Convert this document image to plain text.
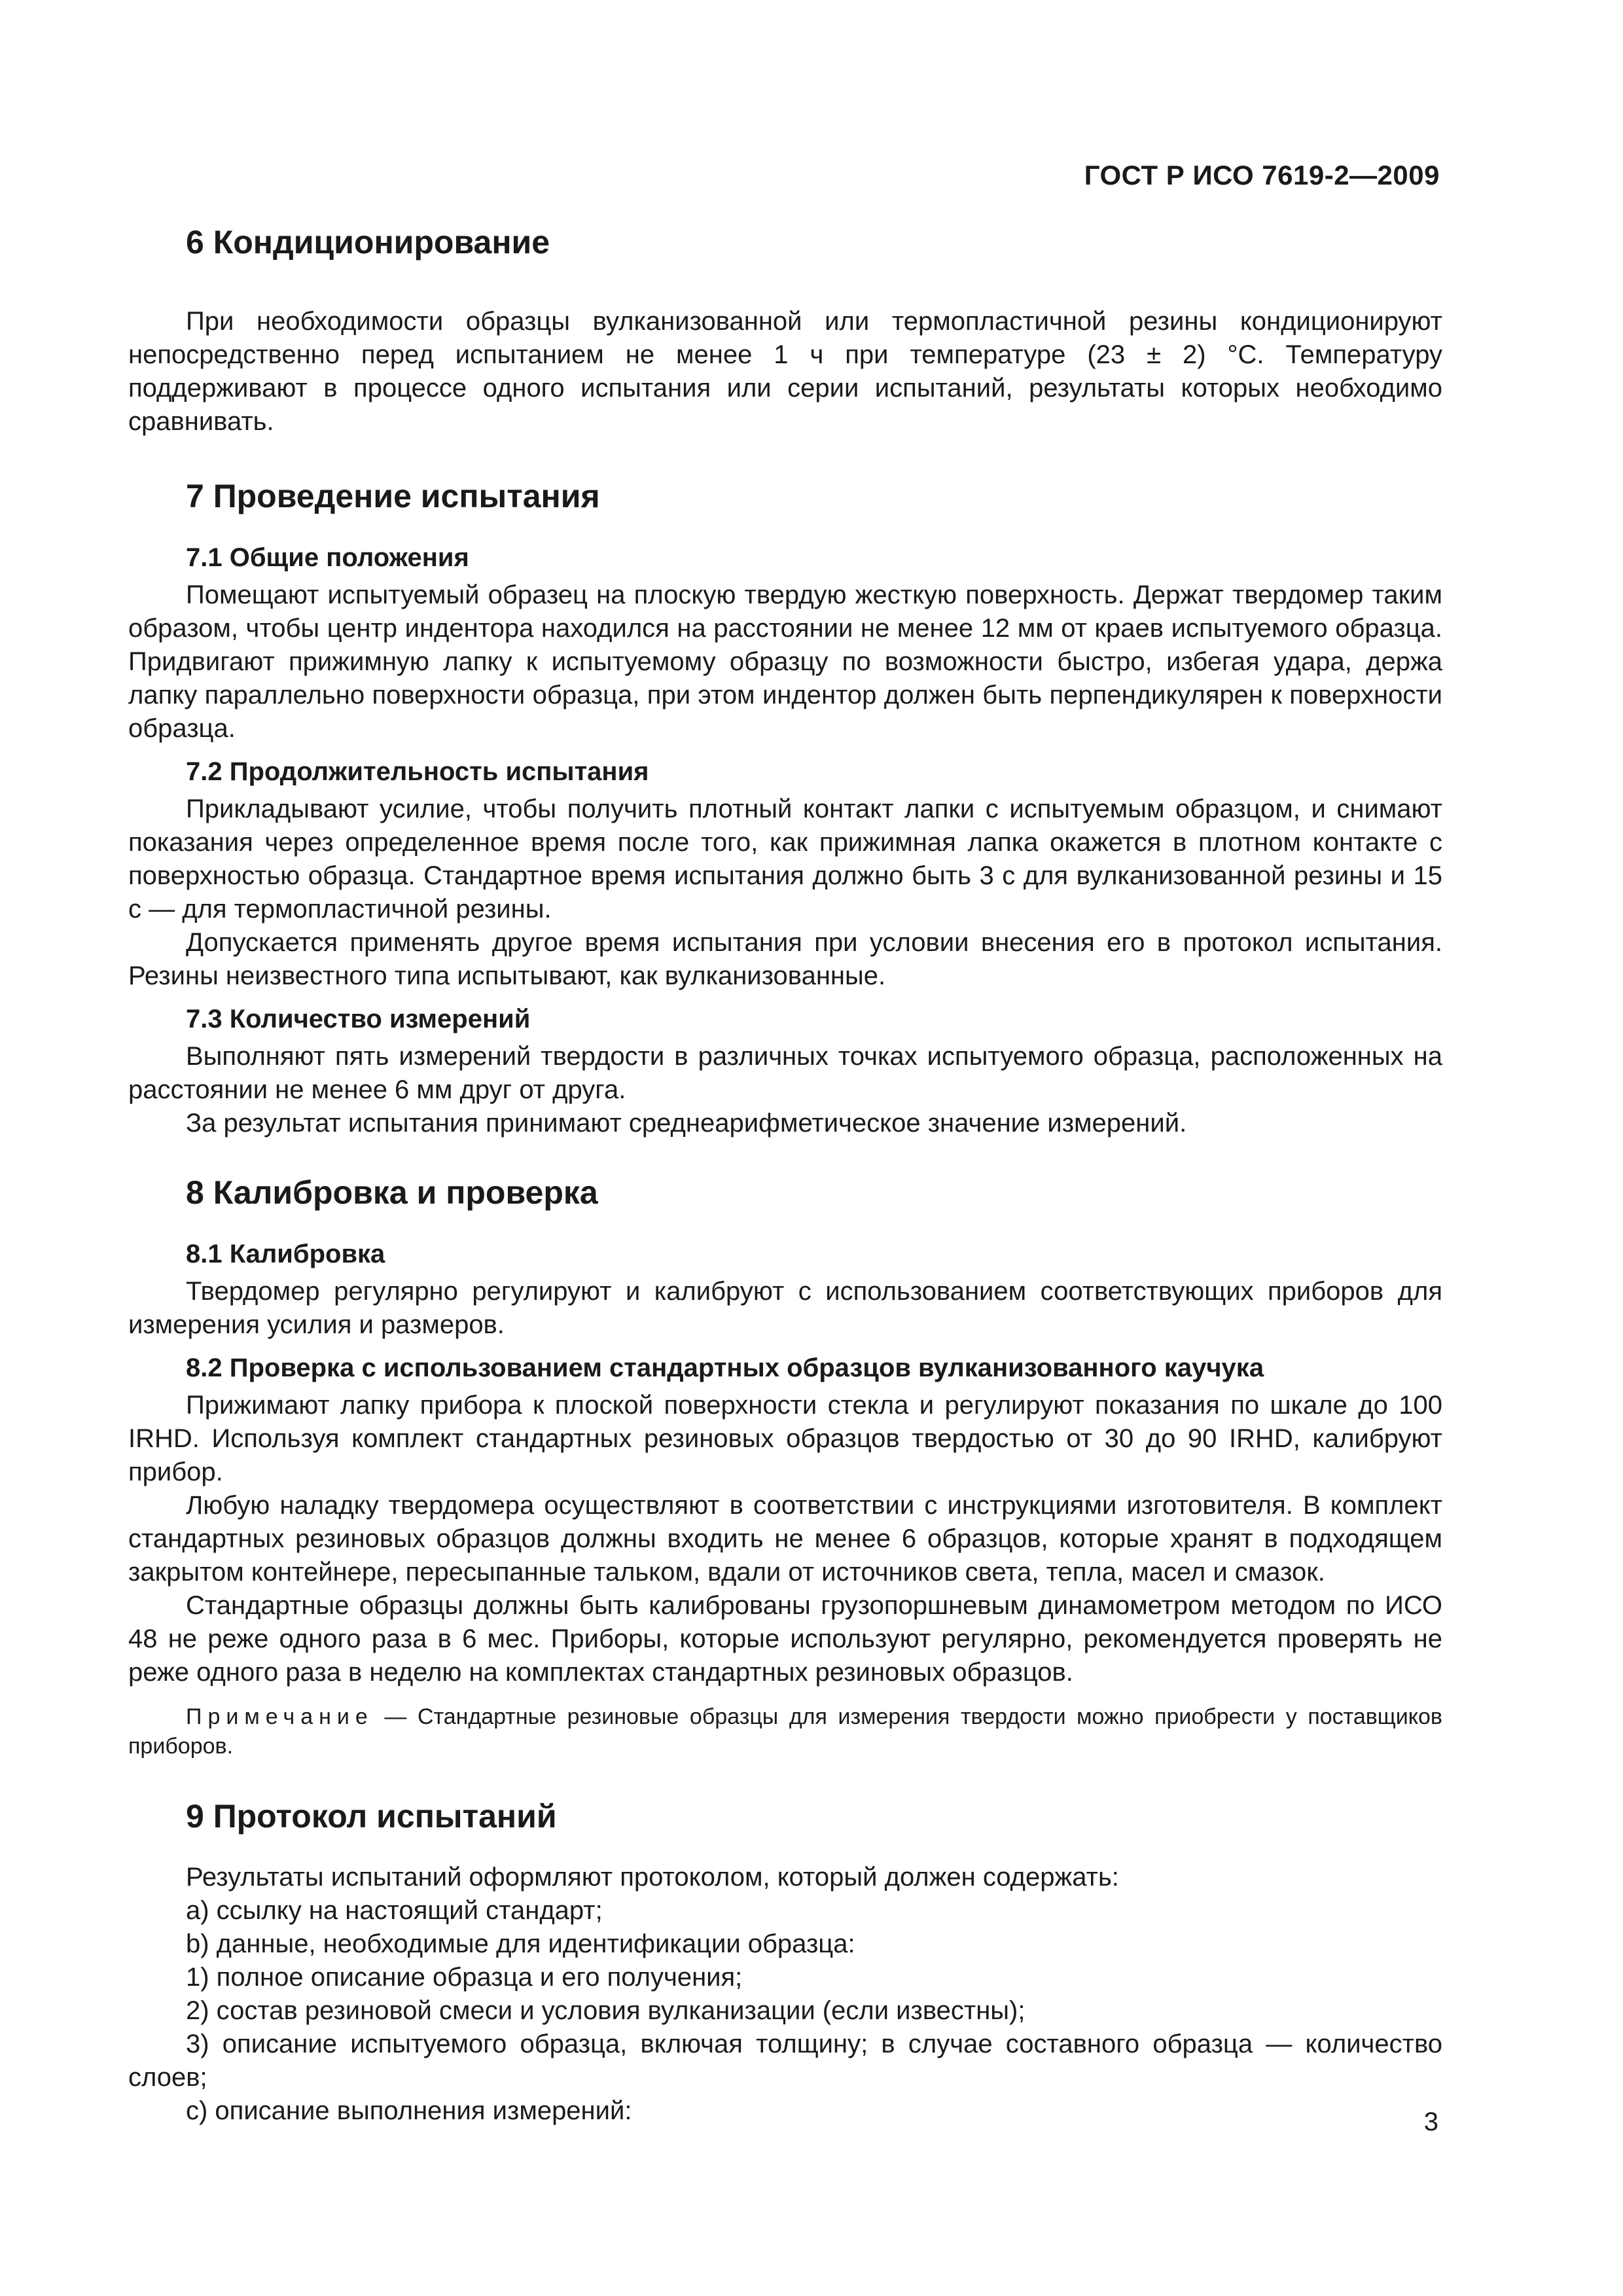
ГОСТ Р ИСО 7619-2—2009
6 Кондиционирование

При необходимости образцы вулканизованной или термопластичной резины кондиционируют непосредственно перед испытанием не менее 1 ч при температуре (23 ± 2) °C. Температуру поддерживают в процессе одного испытания или серии испытаний, результаты которых необходимо сравнивать.

7 Проведение испытания
7.1 Общие положения

Помещают испытуемый образец на плоскую твердую жесткую поверхность. Держат твердомер таким образом, чтобы центр индентора находился на расстоянии не менее 12 мм от краев испытуемого образца. Придвигают прижимную лапку к испытуемому образцу по возможности быстро, избегая удара, держа лапку параллельно поверхности образца, при этом индентор должен быть перпендикулярен к поверхности образца.

7.2 Продолжительность испытания

Прикладывают усилие, чтобы получить плотный контакт лапки с испытуемым образцом, и снимают показания через определенное время после того, как прижимная лапка окажется в плотном контакте с поверхностью образца. Стандартное время испытания должно быть 3 с для вулканизованной резины и 15 с — для термопластичной резины.

Допускается применять другое время испытания при условии внесения его в протокол испытания. Резины неизвестного типа испытывают, как вулканизованные.

7.3 Количество измерений

Выполняют пять измерений твердости в различных точках испытуемого образца, расположенных на расстоянии не менее 6 мм друг от друга.

За результат испытания принимают среднеарифметическое значение измерений.

8 Калибровка и проверка
8.1 Калибровка

Твердомер регулярно регулируют и калибруют с использованием соответствующих приборов для измерения усилия и размеров.

8.2 Проверка с использованием стандартных образцов вулканизованного каучука

Прижимают лапку прибора к плоской поверхности стекла и регулируют показания по шкале до 100 IRHD. Используя комплект стандартных резиновых образцов твердостью от 30 до 90 IRHD, калибруют прибор.

Любую наладку твердомера осуществляют в соответствии с инструкциями изготовителя. В комплект стандартных резиновых образцов должны входить не менее 6 образцов, которые хранят в подходящем закрытом контейнере, пересыпанные тальком, вдали от источников света, тепла, масел и смазок.

Стандартные образцы должны быть калиброваны грузопоршневым динамометром методом по ИСО 48 не реже одного раза в 6 мес. Приборы, которые используют регулярно, рекомендуется проверять не реже одного раза в неделю на комплектах стандартных резиновых образцов.

Примечание — Стандартные резиновые образцы для измерения твердости можно приобрести у поставщиков приборов.

9 Протокол испытаний

Результаты испытаний оформляют протоколом, который должен содержать:

а) ссылку на настоящий стандарт;

b) данные, необходимые для идентификации образца:

1) полное описание образца и его получения;

2) состав резиновой смеси и условия вулканизации (если известны);

3) описание испытуемого образца, включая толщину; в случае составного образца — количество слоев;

с) описание выполнения измерений:	3
